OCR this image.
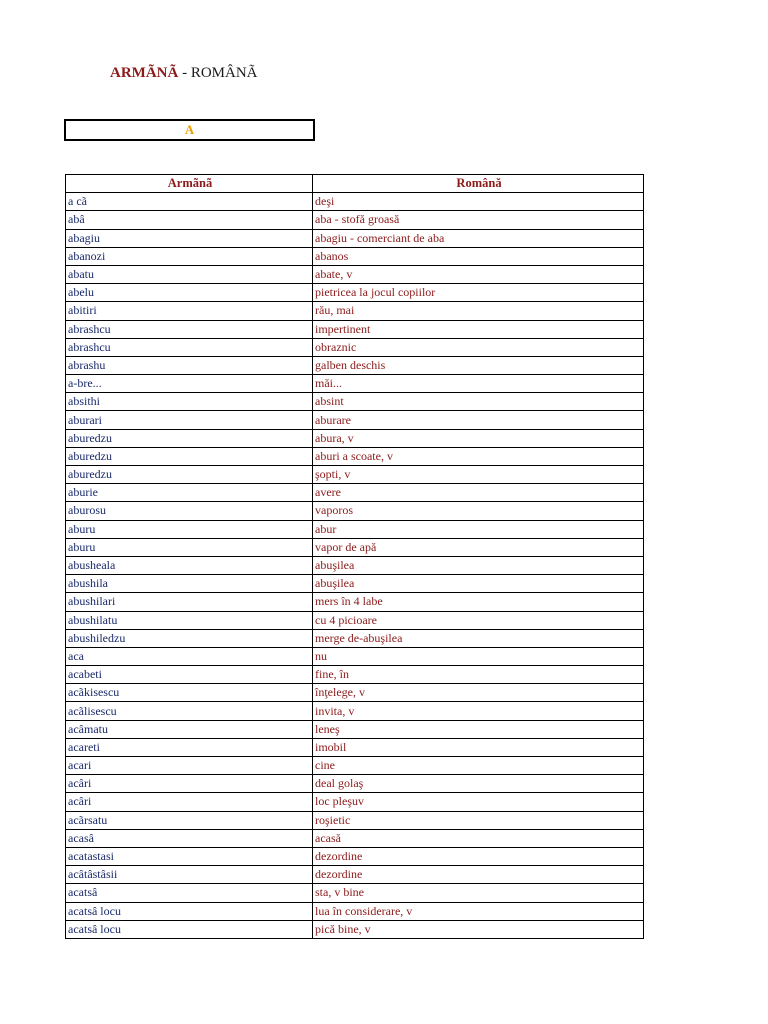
ARMÃNÃ - ROMÂNÃ
A
Armãnã	Română
a cã	deşi
abâ	aba - stofă groasă
abagiu	abagiu - comerciant de aba
abanozi	abanos
abatu	abate, v
abelu	pietricea la jocul copiilor
abitiri	rău, mai
abrashcu	impertinent
abrashcu	obraznic
abrashu	galben deschis
a-bre...	măi...
absithi	absint
aburari	aburare
aburedzu	abura, v
aburedzu	aburi a scoate, v
aburedzu	şopti, v
aburie	avere
aburosu	vaporos
aburu	abur
aburu	vapor de apă
abusheala	abuşilea
abushila	abuşilea
abushilari	mers în 4 labe
abushilatu	cu 4 picioare
abushiledzu	merge de-abuşilea
aca	nu
acabeti	fine, în
acãkisescu	înţelege, v
acãlisescu	invita, v
acâmatu	leneş
acareti	imobil
acari	cine
acâri	deal golaş
acâri	loc pleşuv
acãrsatu	roşietic
acasâ	acasă
acatastasi	dezordine
acâtâstâsii	dezordine
acatsâ	sta, v bine
acatsâ locu	lua în considerare, v
acatsâ locu	pică bine, v
